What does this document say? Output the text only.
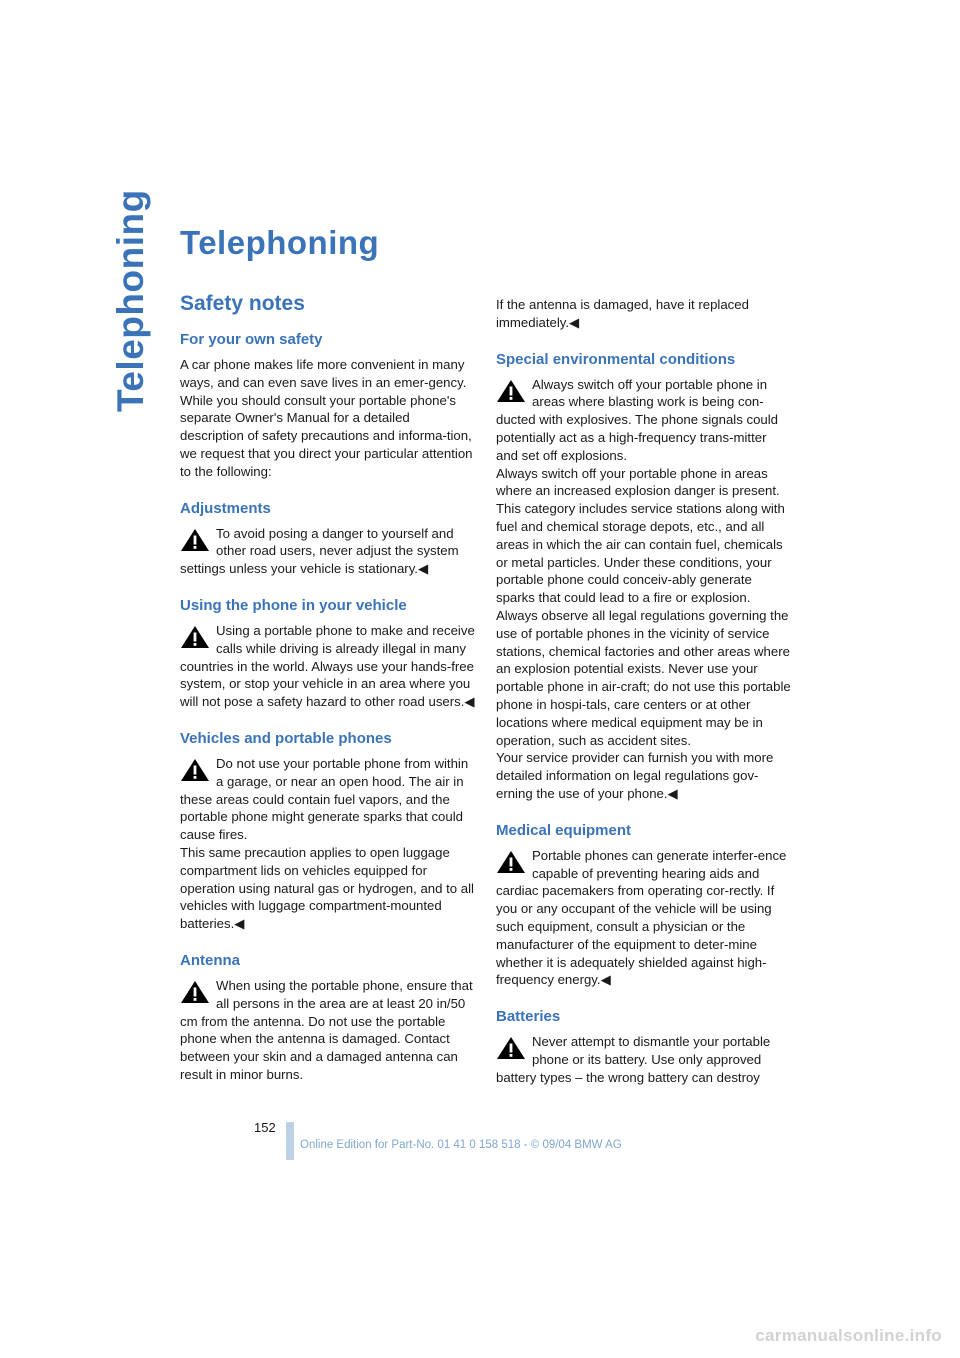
Telephoning Telephoning
Safety notes
For your own safety

A car phone makes life more convenient in many ways, and can even save lives in an emer-gency. While you should consult your portable phone's separate Owner's Manual for a detailed description of safety precautions and informa-tion, we request that you direct your particular attention to the following:

Adjustments

To avoid posing a danger to yourself and other road users, never adjust the system settings unless your vehicle is stationary.◀

Using the phone in your vehicle

Using a portable phone to make and receive calls while driving is already illegal in many countries in the world. Always use your hands-free system, or stop your vehicle in an area where you will not pose a safety hazard to other road users.◀

Vehicles and portable phones

Do not use your portable phone from within a garage, or near an open hood. The air in these areas could contain fuel vapors, and the portable phone might generate sparks that could cause fires.

This same precaution applies to open luggage compartment lids on vehicles equipped for operation using natural gas or hydrogen, and to all vehicles with luggage compartment-mounted batteries.◀

Antenna

When using the portable phone, ensure that all persons in the area are at least 20 in/50 cm from the antenna. Do not use the portable phone when the antenna is damaged. Contact between your skin and a damaged antenna can result in minor burns.

If the antenna is damaged, have it replaced immediately.◀

Special environmental conditions

Always switch off your portable phone in areas where blasting work is being con-ducted with explosives. The phone signals could potentially act as a high-frequency trans-mitter and set off explosions.

Always switch off your portable phone in areas where an increased explosion danger is present. This category includes service stations along with fuel and chemical storage depots, etc., and all areas in which the air can contain fuel, chemicals or metal particles. Under these conditions, your portable phone could conceiv-ably generate sparks that could lead to a fire or explosion. Always observe all legal regulations governing the use of portable phones in the vicinity of service stations, chemical factories and other areas where an explosion potential exists. Never use your portable phone in air-craft; do not use this portable phone in hospi-tals, care centers or at other locations where medical equipment may be in operation, such as accident sites.

Your service provider can furnish you with more detailed information on legal regulations gov-erning the use of your phone.◀

Medical equipment

Portable phones can generate interfer-ence capable of preventing hearing aids and cardiac pacemakers from operating cor-rectly. If you or any occupant of the vehicle will be using such equipment, consult a physician or the manufacturer of the equipment to deter-mine whether it is adequately shielded against high-frequency energy.◀

Batteries

Never attempt to dismantle your portable phone or its battery. Use only approved battery types – the wrong battery can destroy

152
Online Edition for Part-No. 01 41 0 158 518 - © 09/04 BMW AG
carmanualsonline.info
